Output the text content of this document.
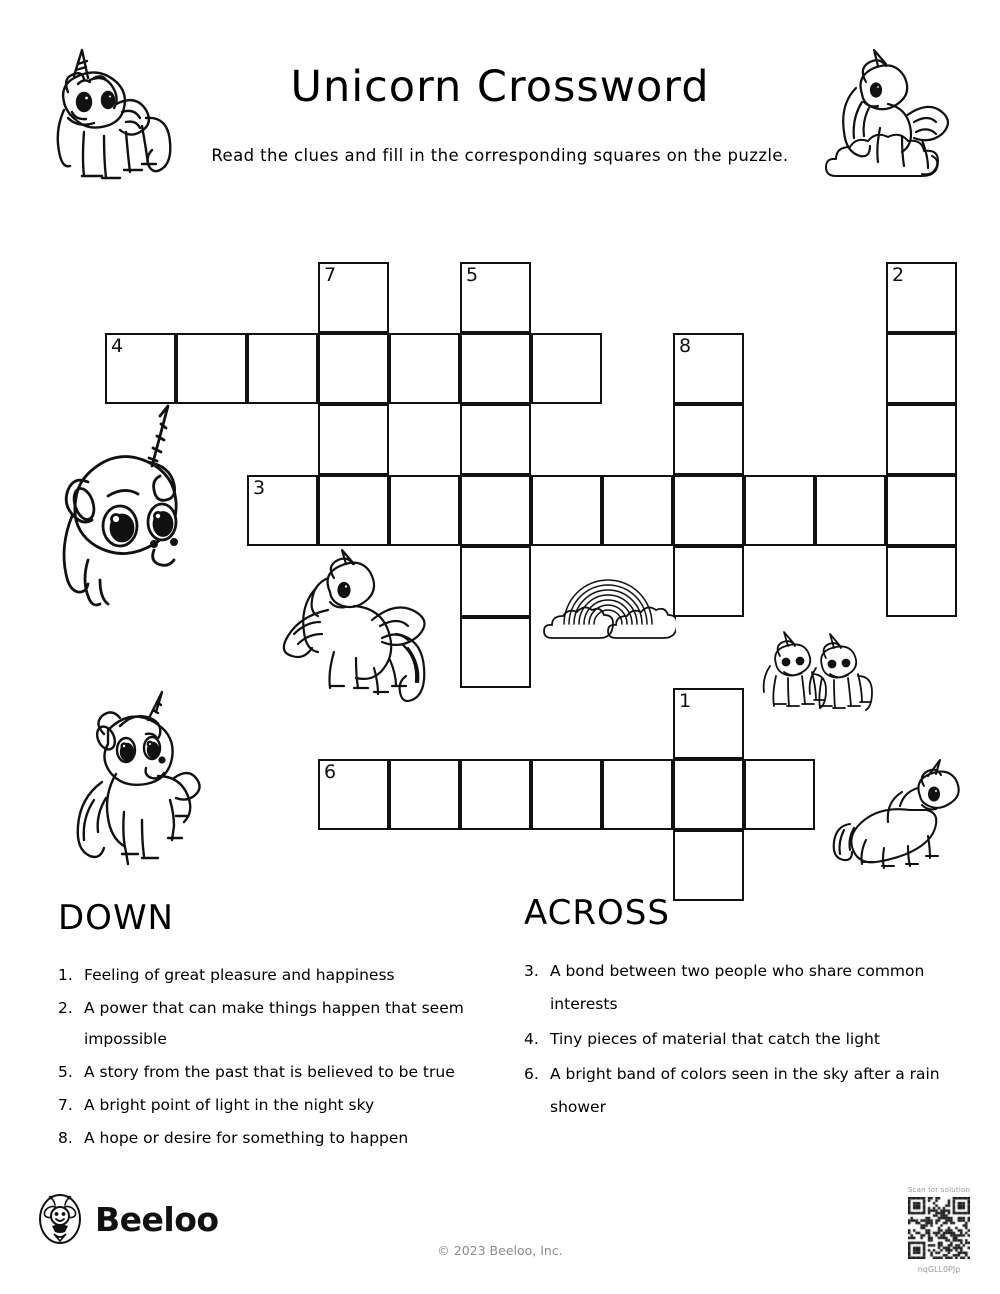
Unicorn Crossword
Read the clues and fill in the corresponding squares on the puzzle.
7	5	2
4	8
3
1
6
DOWN
1. Feeling of great pleasure and happiness
2. A power that can make things happen that seem impossible
5. A story from the past that is believed to be true
7. A bright point of light in the night sky
8. A hope or desire for something to happen
ACROSS
3. A bond between two people who share common interests
4. Tiny pieces of material that catch the light
6. A bright band of colors seen in the sky after a rain shower
Beeloo
© 2023 Beeloo, Inc.
Scan for solution
nqGLL0PJp
